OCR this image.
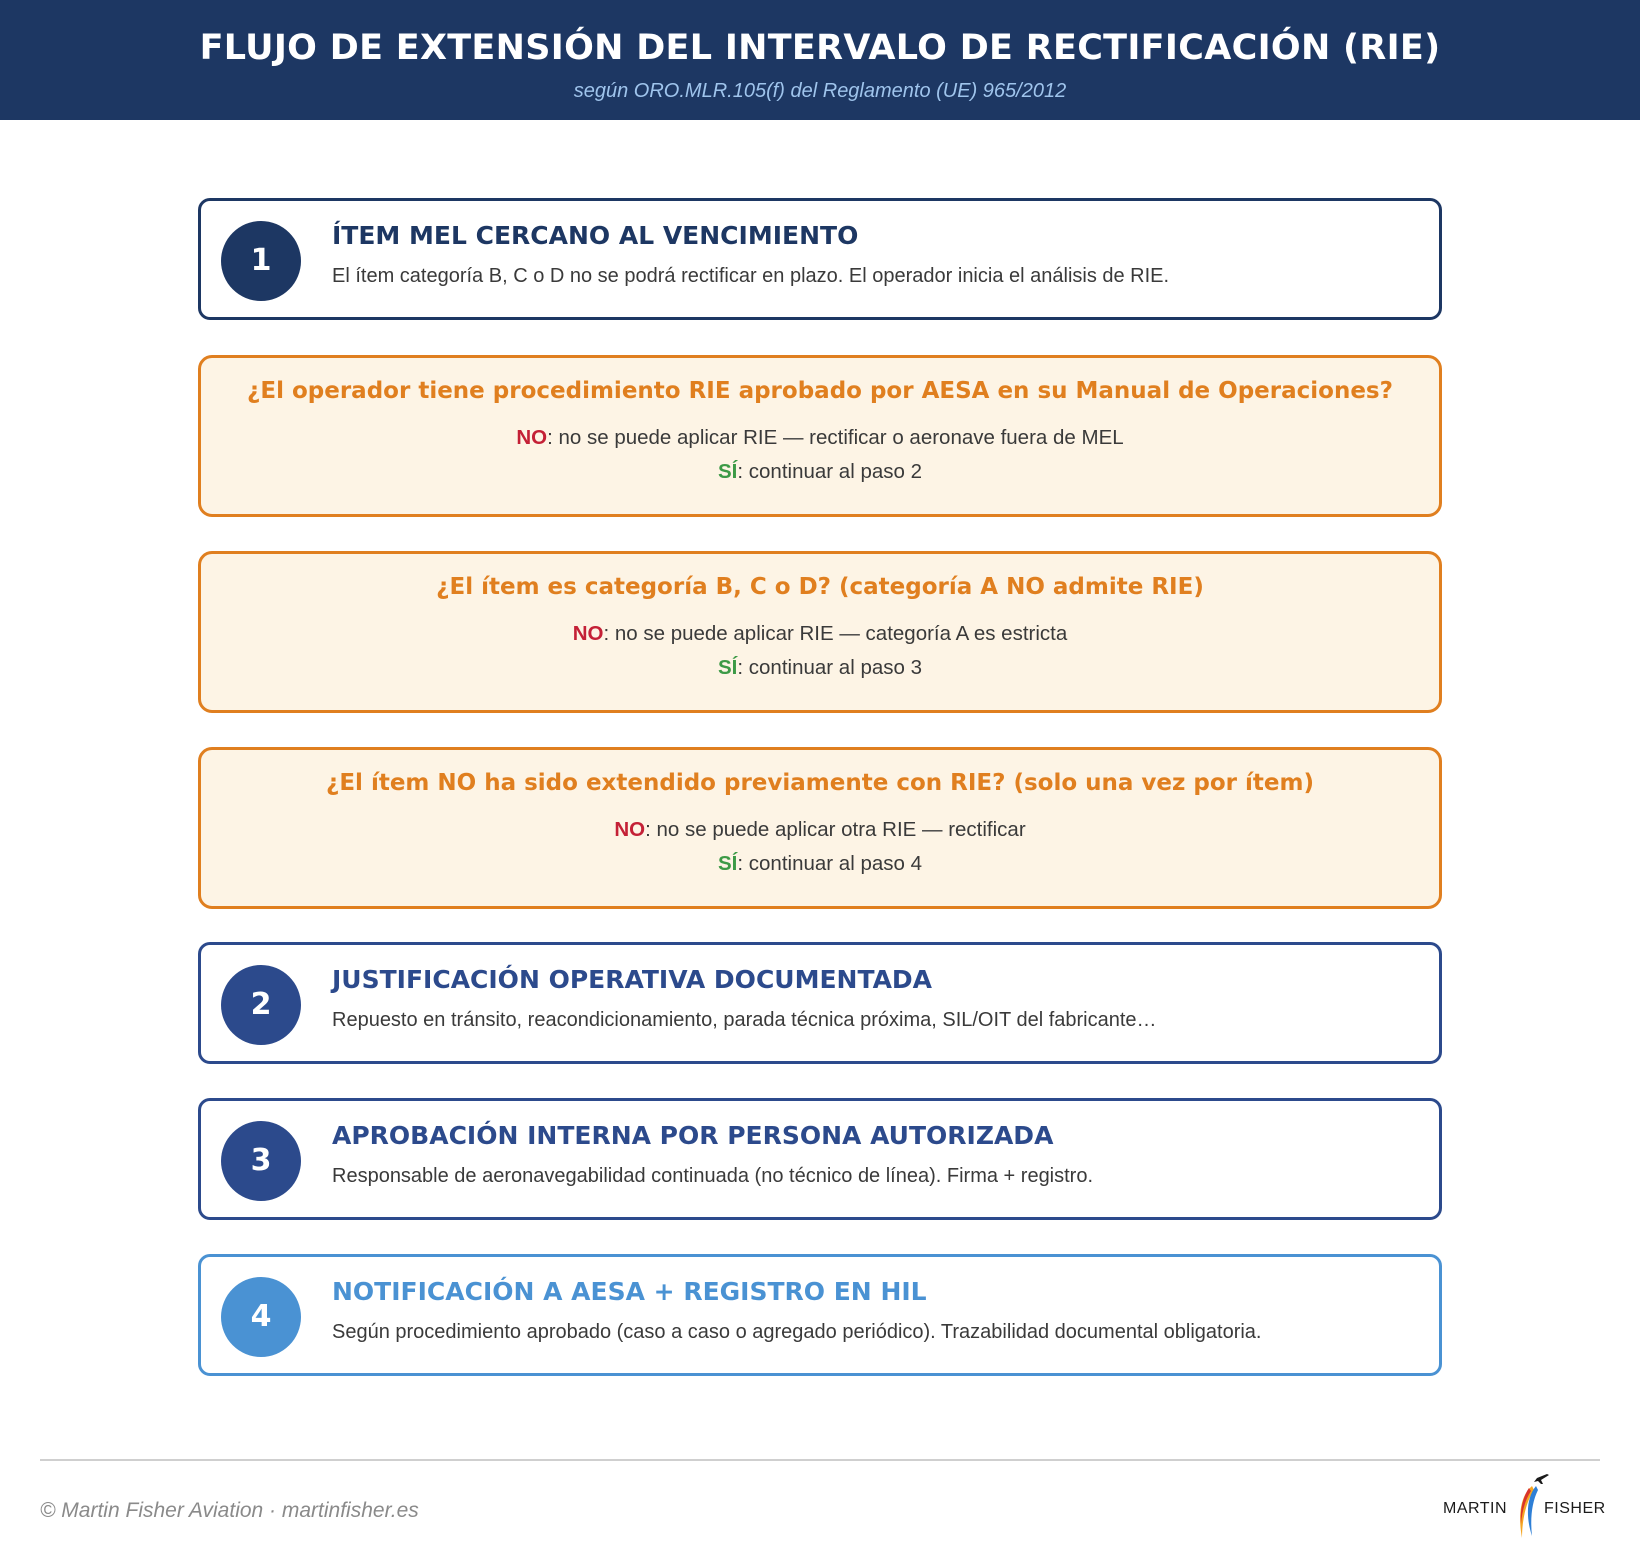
FLUJO DE EXTENSIÓN DEL INTERVALO DE RECTIFICACIÓN (RIE)
según ORO.MLR.105(f) del Reglamento (UE) 965/2012
1
ÍTEM MEL CERCANO AL VENCIMIENTO
El ítem categoría B, C o D no se podrá rectificar en plazo. El operador inicia el análisis de RIE.
¿El operador tiene procedimiento RIE aprobado por AESA en su Manual de Operaciones?
NO: no se puede aplicar RIE — rectificar o aeronave fuera de MEL
SÍ: continuar al paso 2
¿El ítem es categoría B, C o D? (categoría A NO admite RIE)
NO: no se puede aplicar RIE — categoría A es estricta
SÍ: continuar al paso 3
¿El ítem NO ha sido extendido previamente con RIE? (solo una vez por ítem)
NO: no se puede aplicar otra RIE — rectificar
SÍ: continuar al paso 4
2
JUSTIFICACIÓN OPERATIVA DOCUMENTADA
Repuesto en tránsito, reacondicionamiento, parada técnica próxima, SIL/OIT del fabricante…
3
APROBACIÓN INTERNA POR PERSONA AUTORIZADA
Responsable de aeronavegabilidad continuada (no técnico de línea). Firma + registro.
4
NOTIFICACIÓN A AESA + REGISTRO EN HIL
Según procedimiento aprobado (caso a caso o agregado periódico). Trazabilidad documental obligatoria.
© Martin Fisher Aviation · martinfisher.es	MARTIN FISHER
